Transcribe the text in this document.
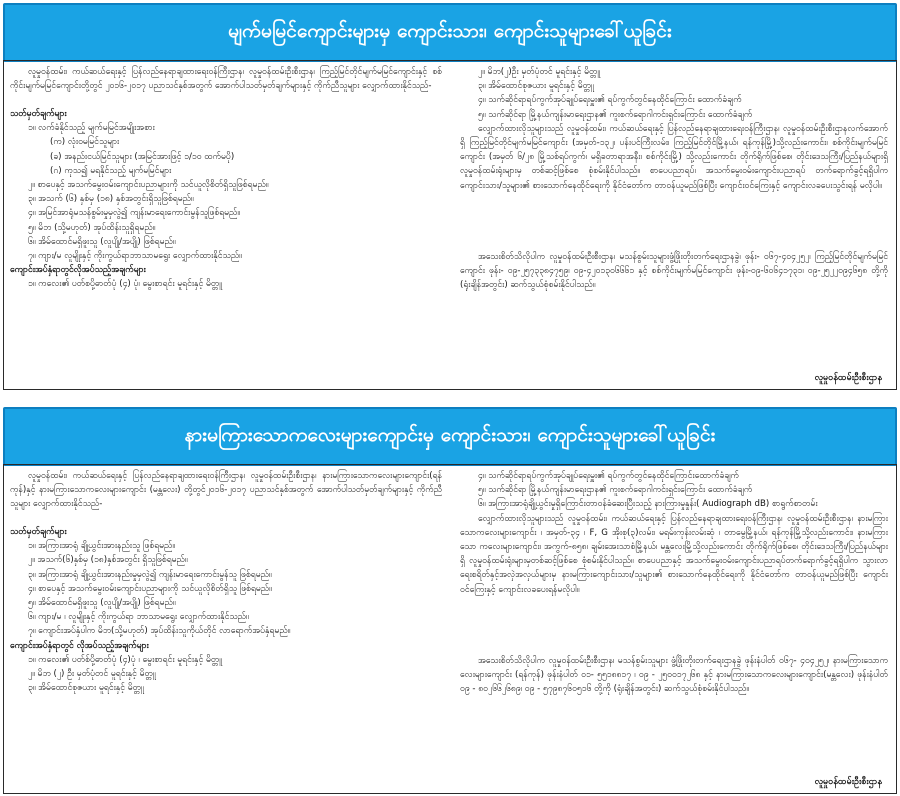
မျက်မမြင်ကျောင်းများမှ ကျောင်းသား၊ ကျောင်းသူများခေါ်ယူခြင်း

လူမှုဝန်ထမ်း၊ ကယ်ဆယ်ရေးနှင့် ပြန်လည်နေရာချထားရေးဝန်ကြီးဌာန၊ လူမှုဝန်ထမ်းဦးစီးဌာန၊ ကြည့်မြင်တိုင်မျက်မမြင်ကျောင်းနှင့် စစ်ကိုင်းမျက်မမြင်ကျောင်းတို့တွင် ၂၀၁၆-၂၀၁၇ ပညာသင်နှစ်အတွက် အောက်ပါသတ်မှတ်ချက်များနှင့် ကိုက်ညီသူများ လျှောက်ထားနိုင်သည်-

သတ်မှတ်ချက်များ

၁။ လက်ခံနိုင်သည့် မျက်မမြင်အမျိုးအစား

(က) လုံးဝမမြင်သူများ

(ခ) အနည်းငယ်မြင်သူများ (အမြင်အားဖြင့် ၁/၁၀ ထက်မပို)

(ဂ) ကုသ၍ မရနိုင်သည့် မျက်မမြင်များ

၂။ စာပေနှင့် အသက်မွေးဝမ်းကျောင်းပညာများကို သင်ယူလိုစိတ်ရှိသူဖြစ်ရမည်။

၃။ အသက် (၆) နှစ်မှ (၁၈) နှစ်အတွင်းရှိသူဖြစ်ရမည်။

၄။ အမြင်အာရုံမသန်စွမ်းမှုမှလွဲ၍ ကျန်းမာရေးကောင်းမွန်သူဖြစ်ရမည်။

၅။ မိဘ (သို့မဟုတ်) အုပ်ထိန်းသူရှိရမည်။

၆။ အိမ်ထောင်မရှိဖူးသူ (လူပျို/အပျို) ဖြစ်ရမည်။

၇။ ကျား/မ လူမျိုးနှင့် ကိုးကွယ်ရာဘာသာမရွေး လျှောက်ထားနိုင်သည်။

ကျောင်းအပ်နှံရာတွင်လိုအပ်သည့်အချက်များ

၁။ ကလေး၏ ပတ်စပို့ဓာတ်ပုံ (၄) ပုံ၊ မွေးစာရင်း မူရင်းနှင့် မိတ္တူ

၂။ မိဘ(၂)ဦး မှတ်ပုံတင် မူရင်းနှင့် မိတ္တူ

၃။ အိမ်ထောင်စုဇယား မူရင်းနှင့် မိတ္တူ

၄။ သက်ဆိုင်ရာရပ်ကွက်အုပ်ချုပ်ရေးမှူး၏ ရပ်ကွက်တွင်နေထိုင်ကြောင်း ထောက်ခံချက်

၅။ သက်ဆိုင်ရာ မြို့နယ်ကျန်းမာရေးဌာန၏ ကူးစက်ရောဂါကင်းရှင်းကြောင်း ထောက်ခံချက်

လျှောက်ထားလိုသူများသည် လူမှုဝန်ထမ်း၊ ကယ်ဆယ်ရေးနှင့် ပြန်လည်နေရာချထားရေးဝန်ကြီးဌာန၊ လူမှုဝန်ထမ်းဦးစီးဌာနလက်အောက်ရှိ ကြည့်မြင်တိုင်မျက်မမြင်ကျောင်း (အမှတ်-၁၃၂၊ ပန်းပင်ကြီးလမ်း၊ ကြည့်မြင်တိုင်မြို့နယ်၊ ရန်ကုန်မြို့)သို့လည်းကောင်း၊ စစ်ကိုင်းမျက်မမြင်ကျောင်း (အမှတ် ၆/၂၈ မြို့သစ်ရပ်ကွက်၊ မရှိခတာရာအနီး၊ စစ်ကိုင်းမြို့) သို့လည်းကောင်း တိုက်ရိုက်ဖြစ်စေ၊ တိုင်းဒေသကြီး/ပြည်နယ်များရှိ လူမှုဝန်ထမ်းရုံးများမှ တစ်ဆင့်ဖြစ်စေ စုံစမ်းနိုင်ပါသည်။ စာပေပညာရပ်၊ အသက်မွေးဝမ်းကျောင်းပညာရပ် တက်ရောက်ခွင့်ရရှိပါက ကျောင်းသား/သူများ၏ စားသောက်နေထိုင်ရေးကို နိုင်ငံတော်က တာဝန်ယူမည်ဖြစ်ပြီး ကျောင်းဝင်ကြေးနှင့် ကျောင်းလခပေးသွင်းရန် မလိုပါ။

အသေးစိတ်သိလိုပါက လူမှုဝန်ထမ်းဦးစီးဌာန၊ မသန်စွမ်းသူများဖွံ့ဖြိုးတိုးတက်ရေးဌာနခွဲ၊ ဖုန်း- ၀၆၇-၄၀၄၂၅၂၊ ကြည့်မြင်တိုင်မျက်မမြင်ကျောင်း ဖုန်း- ၀၉-၂၅၇၃၃၈၄၇၅၉၊ ၀၉-၄၂၀၁၃၀၆၆၆၁ နှင့် စစ်ကိုင်းမျက်မမြင်ကျောင်း ဖုန်း-၀၉-၆၀၆၄၁၇၃၁၊ ၀၉-၂၅၂၂၀၉၄၆၅၈ တို့ကို (ရုံးချိန်အတွင်း) ဆက်သွယ်စုံစမ်းနိုင်ပါသည်။

လူမှုဝန်ထမ်းဦးစီးဌာန
နားမကြားသောကလေးများကျောင်းမှ ကျောင်းသား၊ ကျောင်းသူများခေါ်ယူခြင်း

လူမှုဝန်ထမ်း၊ ကယ်ဆယ်ရေးနှင့် ပြန်လည်နေရာချထားရေးဝန်ကြီးဌာန၊ လူမှုဝန်ထမ်းဦးစီးဌာန၊ နားမကြားသောကလေးများကျောင်း(ရန်ကုန်)နှင့် နားမကြားသောကလေးများကျောင်း (မန္တလေး) တို့တွင်၂၀၁၆-၂၀၁၇ ပညာသင်နှစ်အတွက် အောက်ပါသတ်မှတ်ချက်များနှင့် ကိုက်ညီသူများ လျှောက်ထားနိုင်သည်-

သတ်မှတ်ချက်များ

၁။ အကြားအာရုံ ချို့ယွင်းအားနည်းသူ ဖြစ်ရမည်။

၂။ အသက်(၆)နှစ်မှ (၁၈)နှစ်အတွင်း ရှိသူဖြစ်ရမည်။

၃။ အကြားအာရုံ ချို့ယွင်းအားနည်းမှုမှလွဲ၍ ကျန်းမာရေးကောင်းမွန်သူ ဖြစ်ရမည်။

၄။ စာပေနှင့် အသက်မွေးဝမ်းကျောင်းပညာများကို သင်ယူလိုစိတ်ရှိသူ ဖြစ်ရမည်။

၅။ အိမ်ထောင်မရှိဖူးသူ (လူပျို/အပျို) ဖြစ်ရမည်။

၆။ ကျား/မ ၊ လူမျိုးနှင့် ကိုးကွယ်ရာ ဘာသာမရွေး လျှောက်ထားနိုင်သည်။

၇။ ကျောင်းအပ်နှံပါက မိဘ(သို့မဟုတ်) အုပ်ထိန်းသူကိုယ်တိုင် လာရောက်အပ်နှံရမည်။

ကျောင်းအပ်နှံရာတွင် လိုအပ်သည့်အချက်များ

၁။ ကလေး၏ ပတ်စ်ပို့ဓာတ်ပုံ (၄)ပုံ ၊ မွေးစာရင်း မူရင်းနှင့် မိတ္တူ

၂။ မိဘ (၂) ဦး မှတ်ပုံတင် မူရင်းနှင့် မိတ္တူ

၃။ အိမ်ထောင်စုဇယား မူရင်းနှင့် မိတ္တူ

၄။ သက်ဆိုင်ရာရပ်ကွက်အုပ်ချုပ်ရေးမှူး၏ ရပ်ကွက်တွင်နေထိုင်ကြောင်းထောက်ခံချက်

၅။ သက်ဆိုင်ရာ မြို့နယ်ကျန်းမာရေးဌာန၏ ကူးစက်ရောဂါကင်းရှင်းကြောင်း ထောက်ခံချက်

၆။ အကြားအာရုံချို့ယွင်းမှုရှိကြောင်းတာဝန်ခံဆေးပြီးသည့် နားကြားမှုနှုန်း( Audiograph dB) စာရွက်စာတမ်း

လျှောက်ထားလိုသူများသည် လူမှုဝန်ထမ်း၊ ကယ်ဆယ်ရေးနှင့် ပြန်လည်နေရာချထားရေးဝန်ကြီးဌာန၊ လူမှုဝန်ထမ်းဦးစီးဌာန၊ နားမကြားသောကလေးများကျောင်း ၊ အမှတ်-၃၄ ၊ F, G အိုးစု(၃)လမ်း၊ မရမ်းကုန်းလမ်းဆုံ ၊ တာမွေမြို့နယ်၊ ရန်ကုန်မြို့သို့လည်းကောင်း၊ နားမကြားသော ကလေးများကျောင်း၊ အကွက်-၈၅၈၊ ချမ်းအေးသာစံမြို့နယ်၊ မန္တလေးမြို့သို့လည်းကောင်း တိုက်ရိုက်ဖြစ်စေ၊ တိုင်းဒေသကြီး/ပြည်နယ်များရှိ လူမှုဝန်ထမ်းရုံးများမှတစ်ဆင့်ဖြစ်စေ စုံစမ်းနိုင်ပါသည်။ စာပေပညာနှင့် အသက်မွေးဝမ်းကျောင်းပညာရပ်တက်ရောက်ခွင့်ရရှိပါက သွားလာရေးစရိတ်နှင့်အလှဲအလှယ်များမှ နားမကြားကျောင်းသား/သူများ၏ စားသောက်နေထိုင်ရေးကို နိုင်ငံတော်က တာဝန်ယူမည်ဖြစ်ပြီး ကျောင်းဝင်ကြေးနှင့် ကျောင်းလခပေးရန်မလိုပါ။

အသေးစိတ်သိလိုပါက လူမှုဝန်ထမ်းဦးစီးဌာန၊ မသန်စွမ်းသူများ ဖွံ့ဖြိုးတိုးတက်ရေးဌာနခွဲ ဖုန်းနံပါတ် ၀၆၇- ၄၀၄၂၅၂၊ နားမကြားသောကလေးများကျောင်း (ရန်ကုန်) ဖုန်းနံပါတ် ၀၁- ၅၅၁၈၈၁၇ ၊ ၀၉ - ၂၅၀၀၁၇၂၆၈ နှင့် နားမကြားသောကလေးများကျောင်း(မန္တလေး) ဖုန်းနံပါတ် ၀၉ - ၈၀၂၆၆၂၆၈၉၊ ၀၉ - ၅၇၉၈၇၆၀၅၁၆ တို့ကို (ရုံးချိန်အတွင်း) ဆက်သွယ်စုံစမ်းနိုင်ပါသည်။

လူမှုဝန်ထမ်းဦးစီးဌာန
